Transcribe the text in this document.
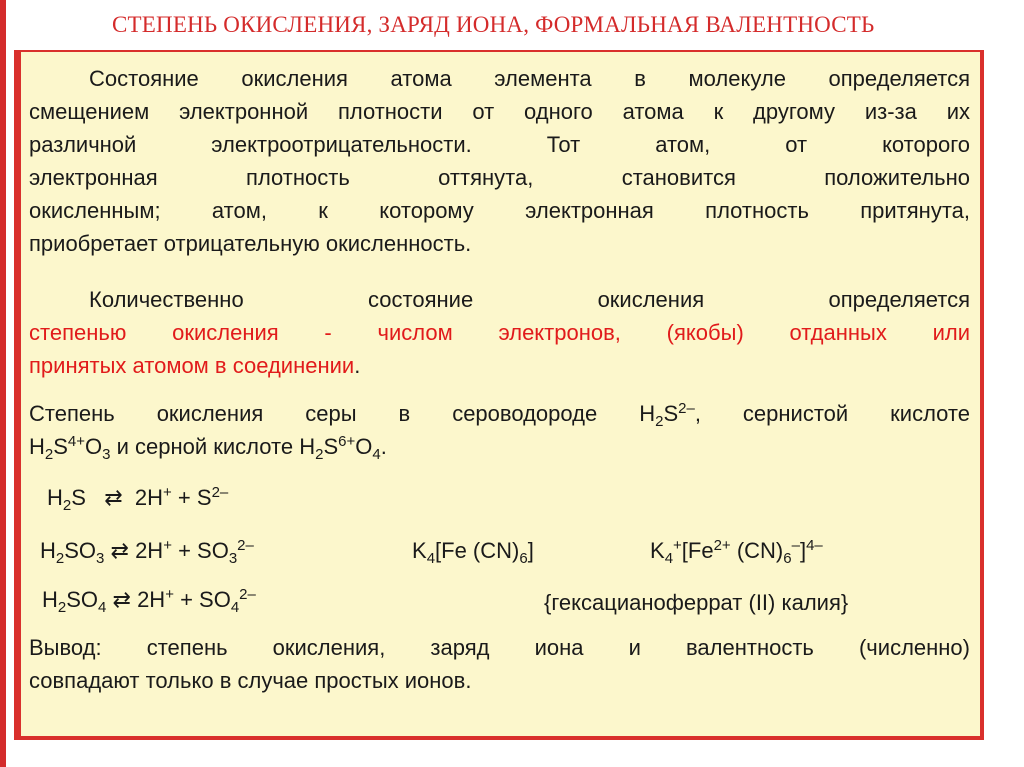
СТЕПЕНЬ ОКИСЛЕНИЯ, ЗАРЯД ИОНА, ФОРМАЛЬНАЯ ВАЛЕНТНОСТЬ
Состояние окисления атома элемента в молекуле определяется
смещением электронной плотности от одного атома к другому из-за их
различной электроотрицательности. Тот атом, от которого
электронная плотность оттянута, становится положительно
окисленным; атом, к которому электронная плотность притянута,
приобретает отрицательную окисленность.
Количественно состояние окисления определяется
степенью окисления - числом электронов, (якобы) отданных или
принятых атомом в соединении.
Степень окисления серы в сероводороде $H_2S^{2-}$, сернистой кислоте
$H_2S^{4+}O_3$ и серной кислоте $H_2S^{6+}O_4$.
$H_2S$   ⇄ $2H^+ + S^{2-}$
$H_2SO_3$ ⇄ $2H^+ + SO_3^{2-}$	$K_4[Fe$ $(CN)_6$]	$K_4^+[Fe^{2+}$ $(CN)_6^-]^{4-}$
$H_2SO_4$ ⇄ $2H^+ + SO_4^{2-}$	{гексацианоферрат (II) калия}
Вывод: степень окисления, заряд иона и валентность (численно)
совпадают только в случае простых ионов.
